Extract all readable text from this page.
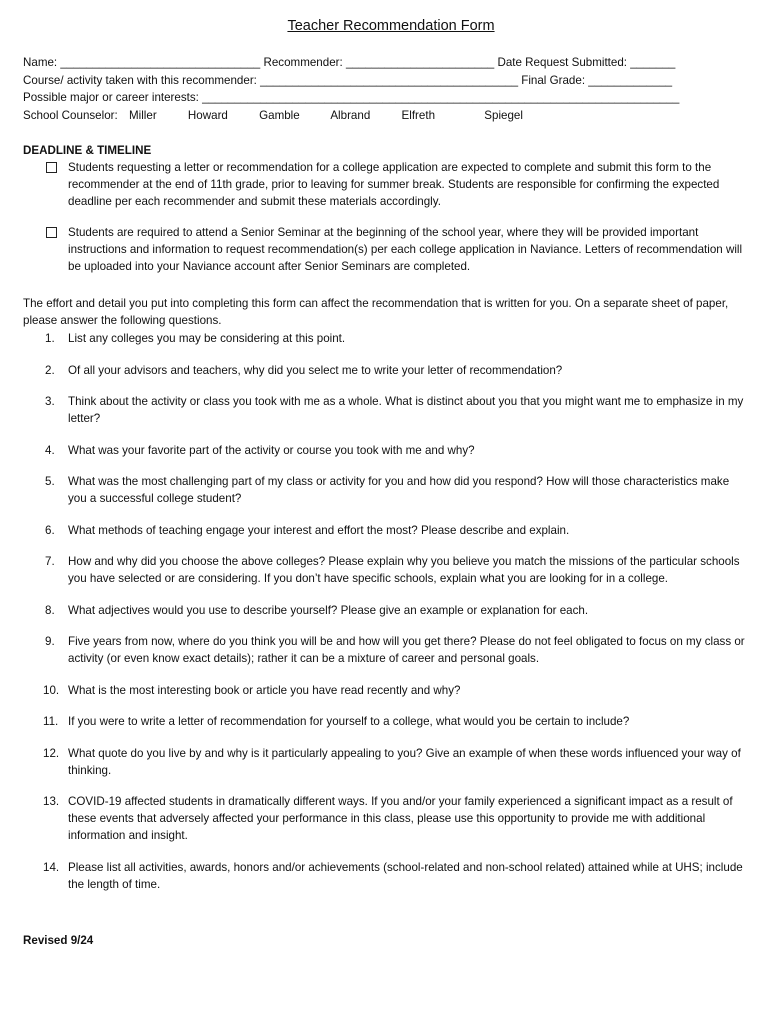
Teacher Recommendation Form
Name: _______________________________ Recommender: _______________________ Date Request Submitted: _______
Course/ activity taken with this recommender: ________________________________________ Final Grade: _____________
Possible major or career interests: __________________________________________________________________________
School Counselor: Miller	Howard	Gamble	Albrand	Elfreth	Spiegel
DEADLINE & TIMELINE
Students requesting a letter or recommendation for a college application are expected to complete and submit this form to the recommender at the end of 11th grade, prior to leaving for summer break. Students are responsible for confirming the expected deadline per each recommender and submit these materials accordingly.
Students are required to attend a Senior Seminar at the beginning of the school year, where they will be provided important instructions and information to request recommendation(s) per each college application in Naviance. Letters of recommendation will be uploaded into your Naviance account after Senior Seminars are completed.
The effort and detail you put into completing this form can affect the recommendation that is written for you. On a separate sheet of paper, please answer the following questions.
1. List any colleges you may be considering at this point.
2. Of all your advisors and teachers, why did you select me to write your letter of recommendation?
3. Think about the activity or class you took with me as a whole. What is distinct about you that you might want me to emphasize in my letter?
4. What was your favorite part of the activity or course you took with me and why?
5. What was the most challenging part of my class or activity for you and how did you respond? How will those characteristics make you a successful college student?
6. What methods of teaching engage your interest and effort the most? Please describe and explain.
7. How and why did you choose the above colleges? Please explain why you believe you match the missions of the particular schools you have selected or are considering. If you don’t have specific schools, explain what you are looking for in a college.
8. What adjectives would you use to describe yourself? Please give an example or explanation for each.
9. Five years from now, where do you think you will be and how will you get there? Please do not feel obligated to focus on my class or activity (or even know exact details); rather it can be a mixture of career and personal goals.
10. What is the most interesting book or article you have read recently and why?
11. If you were to write a letter of recommendation for yourself to a college, what would you be certain to include?
12. What quote do you live by and why is it particularly appealing to you? Give an example of when these words influenced your way of thinking.
13. COVID-19 affected students in dramatically different ways. If you and/or your family experienced a significant impact as a result of these events that adversely affected your performance in this class, please use this opportunity to provide me with additional information and insight.
14. Please list all activities, awards, honors and/or achievements (school-related and non-school related) attained while at UHS; include the length of time.
Revised 9/24
